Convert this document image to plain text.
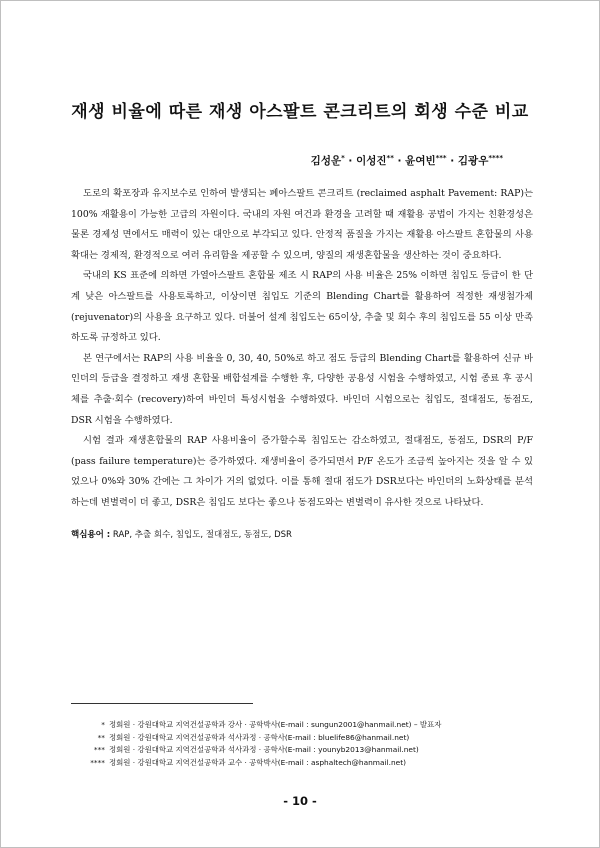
재생 비율에 따른 재생 아스팔트 콘크리트의 회생 수준 비교
김성운* · 이성진** · 윤여빈*** · 김광우****

도로의 확포장과 유지보수로 인하여 발생되는 폐아스팔트 콘크리트 (reclaimed asphalt Pavement: RAP)는 100% 재활용이 가능한 고급의 자원이다. 국내의 자원 여건과 환경을 고려할 때 재활용 공법이 가지는 친환경성은 물론 경제성 면에서도 매력이 있는 대안으로 부각되고 있다. 안정적 품질을 가지는 재활용 아스팔트 혼합물의 사용 확대는 경제적, 환경적으로 여러 유리함을 제공할 수 있으며, 양질의 재생혼합물을 생산하는 것이 중요하다.

국내의 KS 표준에 의하면 가열아스팔트 혼합물 제조 시 RAP의 사용 비율은 25% 이하면 침입도 등급이 한 단계 낮은 아스팔트를 사용토록하고, 이상이면 침입도 기준의 Blending Chart를 활용하여 적정한 재생첨가제 (rejuvenator)의 사용을 요구하고 있다. 더불어 설계 침입도는 65이상, 추출 및 회수 후의 침입도를 55 이상 만족하도록 규정하고 있다.

본 연구에서는 RAP의 사용 비율을 0, 30, 40, 50%로 하고 점도 등급의 Blending Chart를 활용하여 신규 바인더의 등급을 결정하고 재생 혼합물 배합설계를 수행한 후, 다양한 공용성 시험을 수행하였고, 시험 종료 후 공시체를 추출·회수 (recovery)하여 바인더 특성시험을 수행하였다. 바인더 시험으로는 침입도, 절대점도, 동점도, DSR 시험을 수행하였다.

시험 결과 재생혼합물의 RAP 사용비율이 증가할수록 침입도는 감소하였고, 절대점도, 동점도, DSR의 P/F (pass failure temperature)는 증가하였다. 재생비율이 증가되면서 P/F 온도가 조금씩 높아지는 것을 알 수 있었으나 0%와 30% 간에는 그 차이가 거의 없었다. 이를 통해 절대 점도가 DSR보다는 바인더의 노화상태를 분석하는데 변별력이 더 좋고, DSR은 침입도 보다는 좋으나 동점도와는 변별력이 유사한 것으로 나타났다.

핵심용어 : RAP, 추출 회수, 침입도, 절대점도, 동점도, DSR
* 정회원 · 강원대학교 지역건설공학과 강사 · 공학박사(E-mail : sungun2001@hanmail.net) – 발표자
** 정회원 · 강원대학교 지역건설공학과 석사과정 · 공학사(E-mail : bluelife86@hanmail.net)
*** 정회원 · 강원대학교 지역건설공학과 석사과정 · 공학사(E-mail : younyb2013@hanmail.net)
**** 정회원 · 강원대학교 지역건설공학과 교수 · 공학박사(E-mail : asphaltech@hanmail.net)
- 10 -
